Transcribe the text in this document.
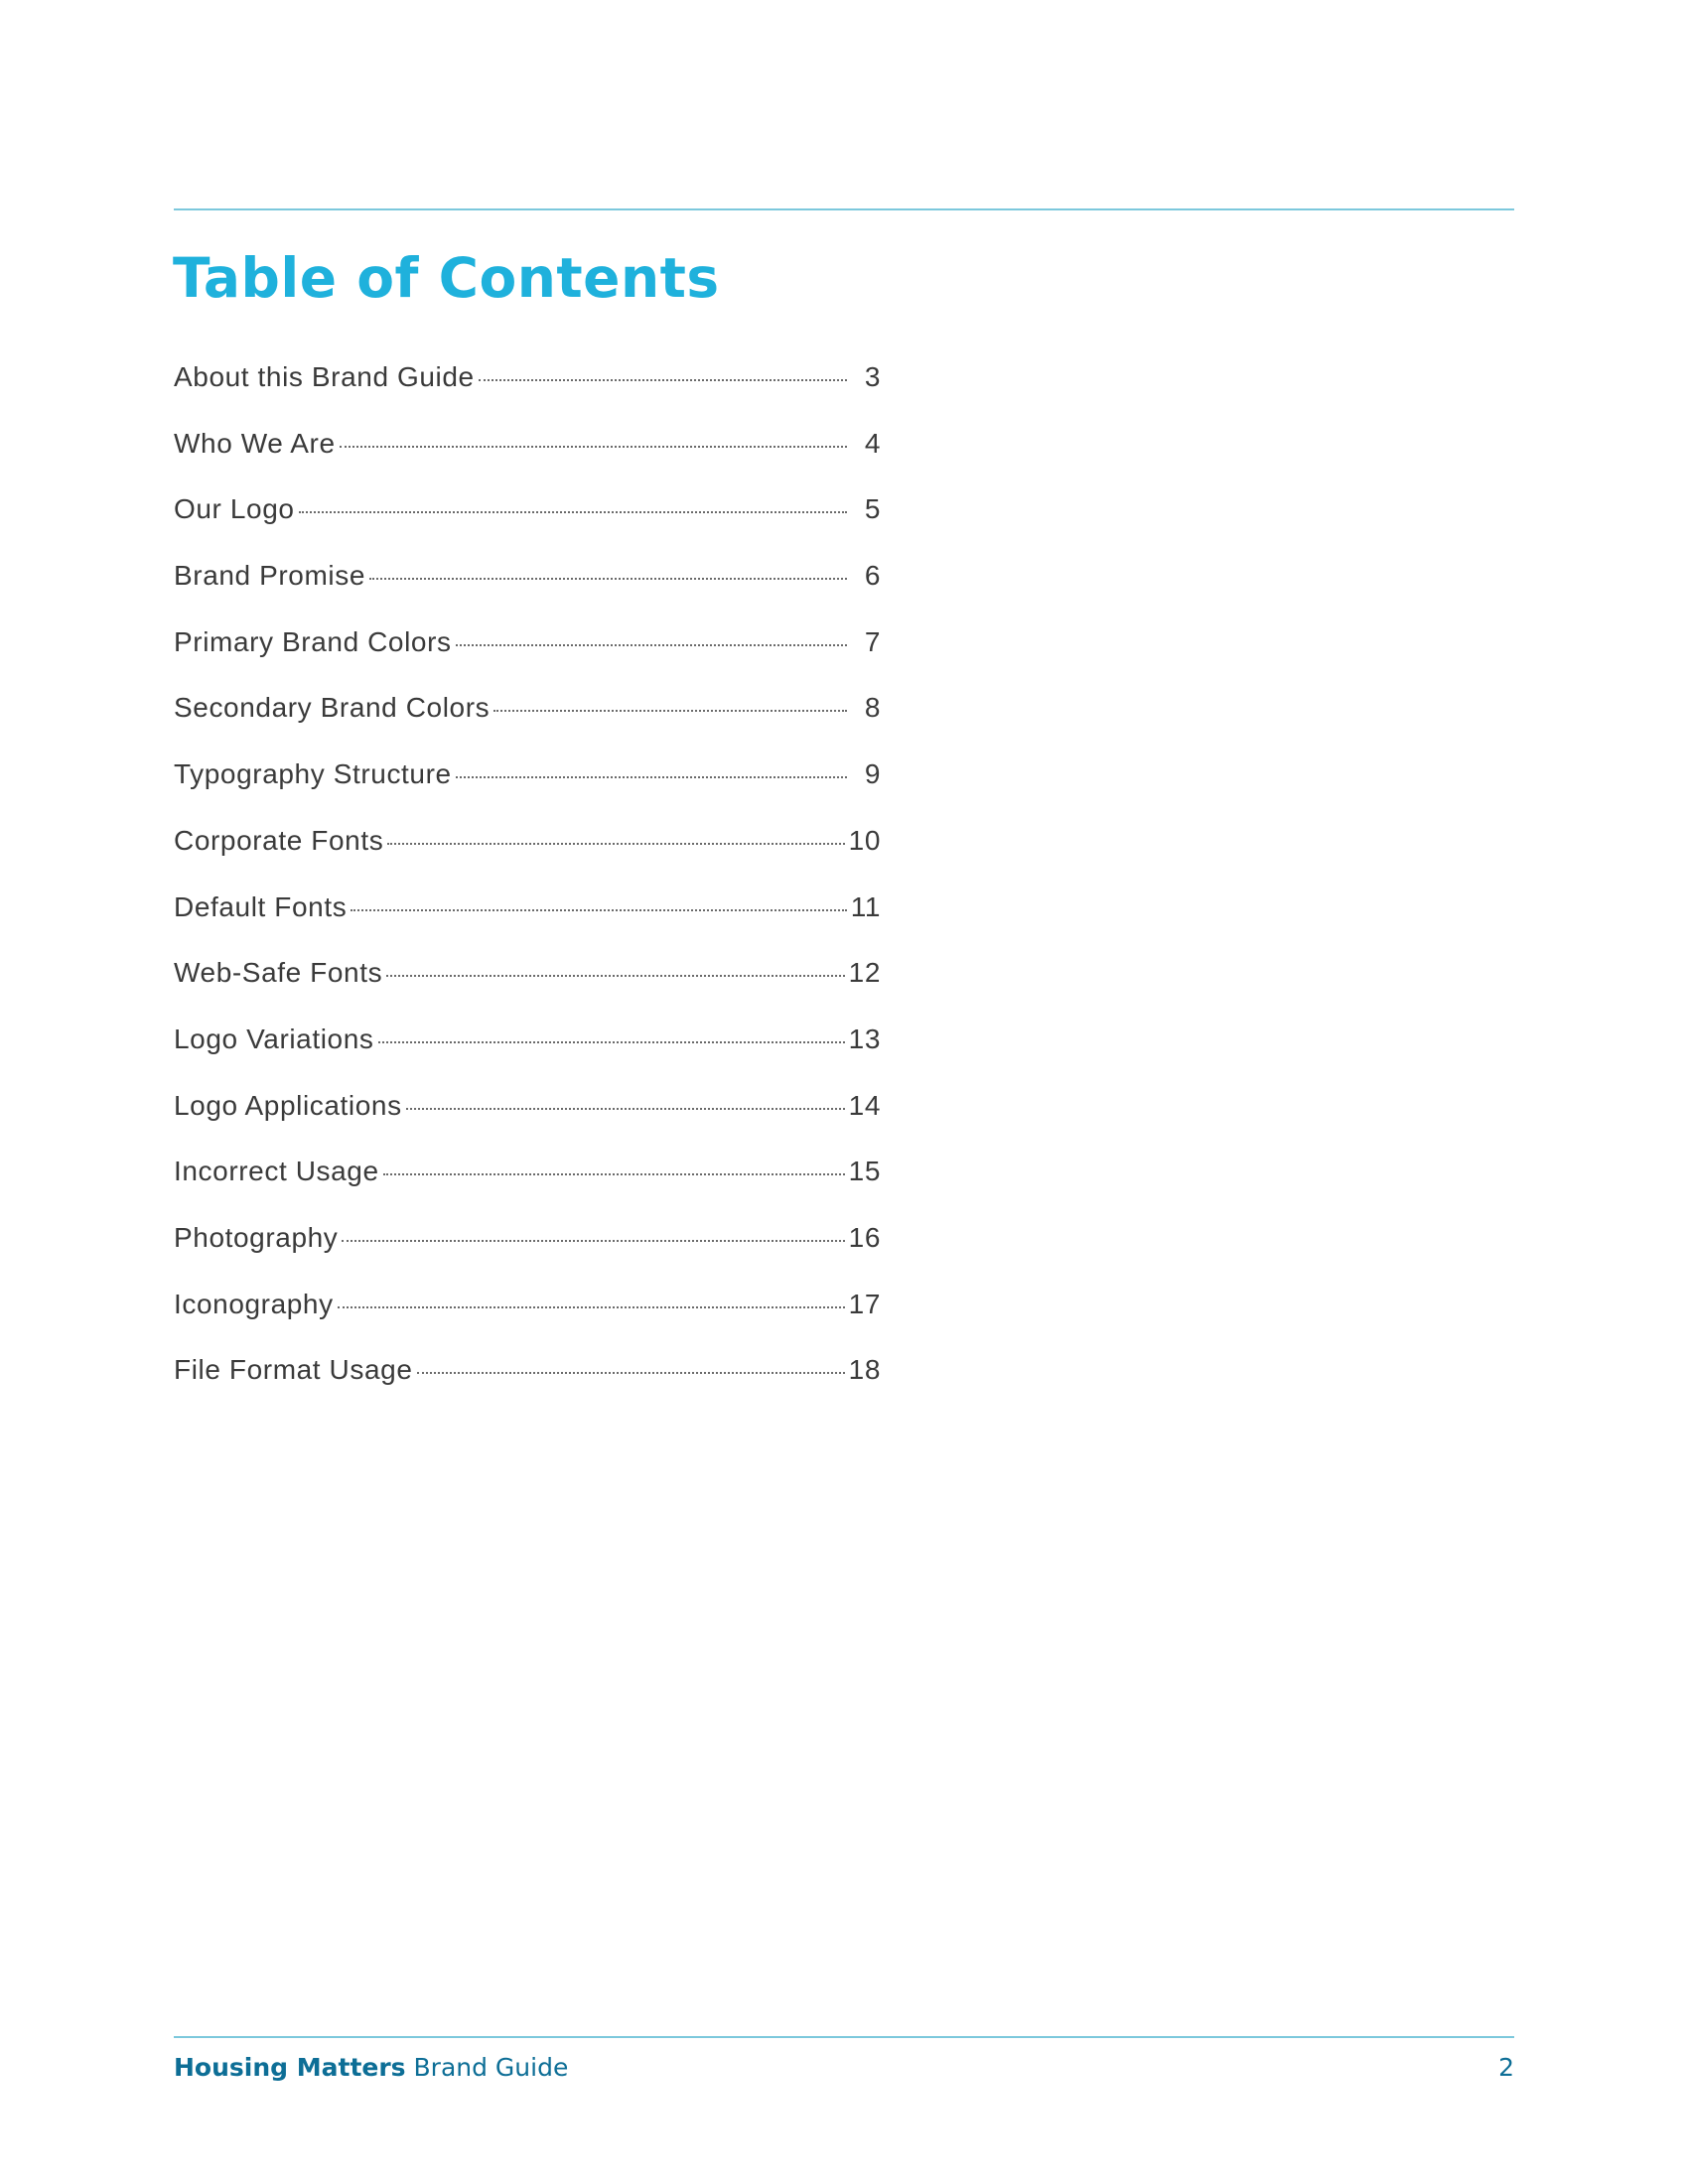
Table of Contents
About this Brand Guide	3
Who We Are	4
Our Logo	5
Brand Promise	6
Primary Brand Colors	7
Secondary Brand Colors	8
Typography Structure	9
Corporate Fonts	10
Default Fonts	11
Web-Safe Fonts	12
Logo Variations	13
Logo Applications	14
Incorrect Usage	15
Photography	16
Iconography	17
File Format Usage	18
Housing Matters Brand Guide	2
